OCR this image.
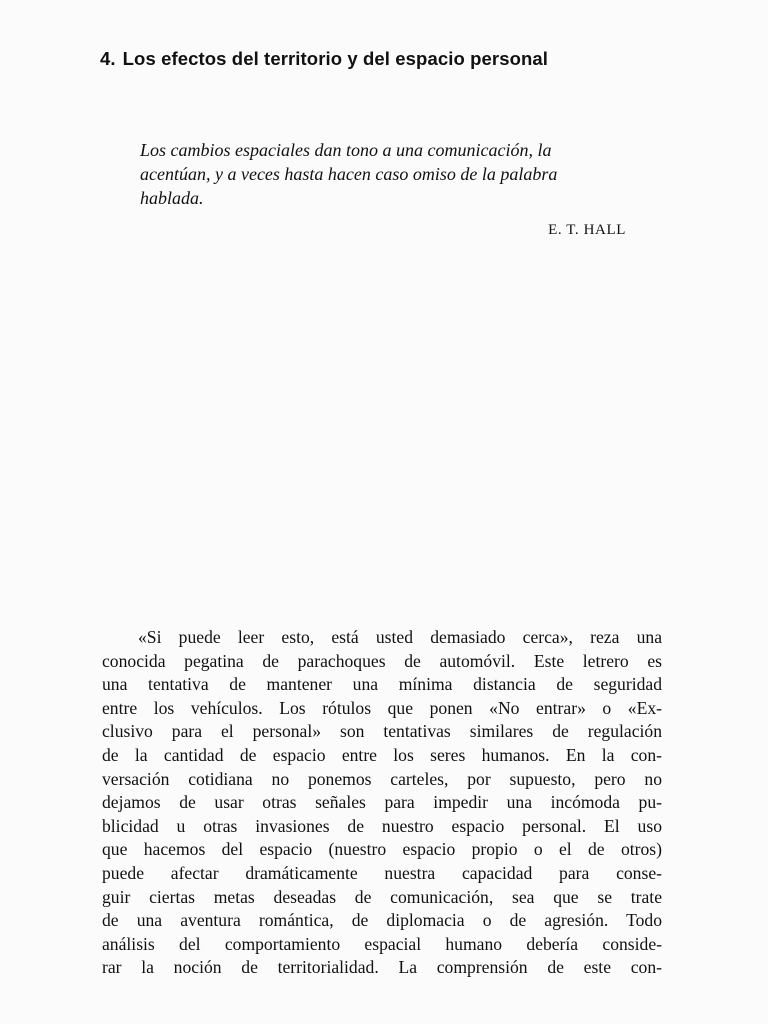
4. Los efectos del territorio y del espacio personal
Los cambios espaciales dan tono a una comunicación, la
acentúan, y a veces hasta hacen caso omiso de la palabra
hablada.

E. T. HALL

«Si puede leer esto, está usted demasiado cerca», reza una
conocida pegatina de parachoques de automóvil. Este letrero es
una tentativa de mantener una mínima distancia de seguridad
entre los vehículos. Los rótulos que ponen «No entrar» o «Ex-
clusivo para el personal» son tentativas similares de regulación
de la cantidad de espacio entre los seres humanos. En la con-
versación cotidiana no ponemos carteles, por supuesto, pero no
dejamos de usar otras señales para impedir una incómoda pu-
blicidad u otras invasiones de nuestro espacio personal. El uso
que hacemos del espacio (nuestro espacio propio o el de otros)
puede afectar dramáticamente nuestra capacidad para conse-
guir ciertas metas deseadas de comunicación, sea que se trate
de una aventura romántica, de diplomacia o de agresión. Todo
análisis del comportamiento espacial humano debería conside-
rar la noción de territorialidad. La comprensión de este con-
